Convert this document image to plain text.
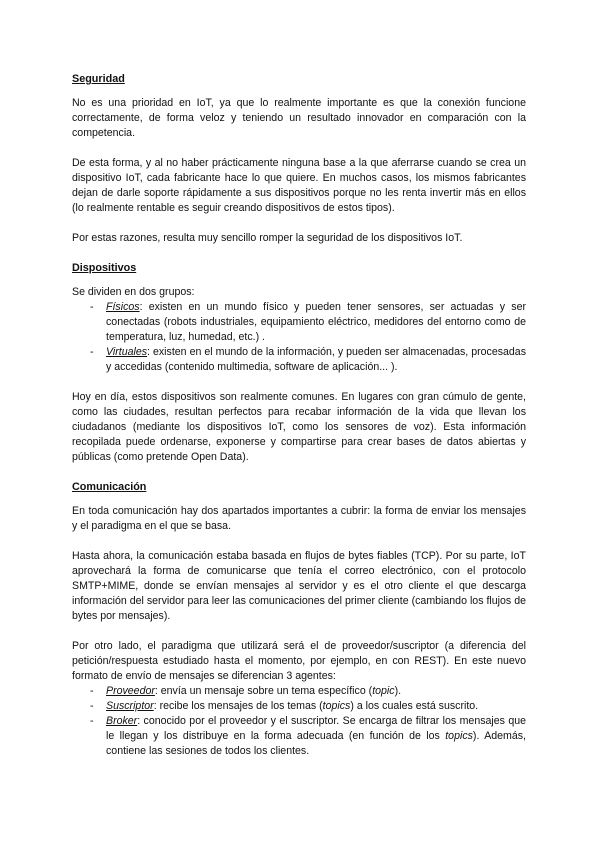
Seguridad

No es una prioridad en IoT, ya que lo realmente importante es que la conexión funcione correctamente, de forma veloz y teniendo un resultado innovador en comparación con la competencia.

De esta forma, y al no haber prácticamente ninguna base a la que aferrarse cuando se crea un dispositivo IoT, cada fabricante hace lo que quiere. En muchos casos, los mismos fabricantes dejan de darle soporte rápidamente a sus dispositivos porque no les renta invertir más en ellos (lo realmente rentable es seguir creando dispositivos de estos tipos).

Por estas razones, resulta muy sencillo romper la seguridad de los dispositivos IoT.

Dispositivos

Se dividen en dos grupos:

- Físicos: existen en un mundo físico y pueden tener sensores, ser actuadas y ser conectadas (robots industriales, equipamiento eléctrico, medidores del entorno como de temperatura, luz, humedad, etc.) .
- Virtuales: existen en el mundo de la información, y pueden ser almacenadas, procesadas y accedidas (contenido multimedia, software de aplicación... ).

Hoy en día, estos dispositivos son realmente comunes. En lugares con gran cúmulo de gente, como las ciudades, resultan perfectos para recabar información de la vida que llevan los ciudadanos (mediante los dispositivos IoT, como los sensores de voz). Esta información recopilada puede ordenarse, exponerse y compartirse para crear bases de datos abiertas y públicas (como pretende Open Data).

Comunicación

En toda comunicación hay dos apartados importantes a cubrir: la forma de enviar los mensajes y el paradigma en el que se basa.

Hasta ahora, la comunicación estaba basada en flujos de bytes fiables (TCP). Por su parte, IoT aprovechará la forma de comunicarse que tenía el correo electrónico, con el protocolo SMTP+MIME, donde se envían mensajes al servidor y es el otro cliente el que descarga información del servidor para leer las comunicaciones del primer cliente (cambiando los flujos de bytes por mensajes).

Por otro lado, el paradigma que utilizará será el de proveedor/suscriptor (a diferencia del petición/respuesta estudiado hasta el momento, por ejemplo, en con REST). En este nuevo formato de envío de mensajes se diferencian 3 agentes:

- Proveedor: envía un mensaje sobre un tema específico (topic).
- Suscriptor: recibe los mensajes de los temas (topics) a los cuales está suscrito.
- Broker: conocido por el proveedor y el suscriptor. Se encarga de filtrar los mensajes que le llegan y los distribuye en la forma adecuada (en función de los topics). Además, contiene las sesiones de todos los clientes.
